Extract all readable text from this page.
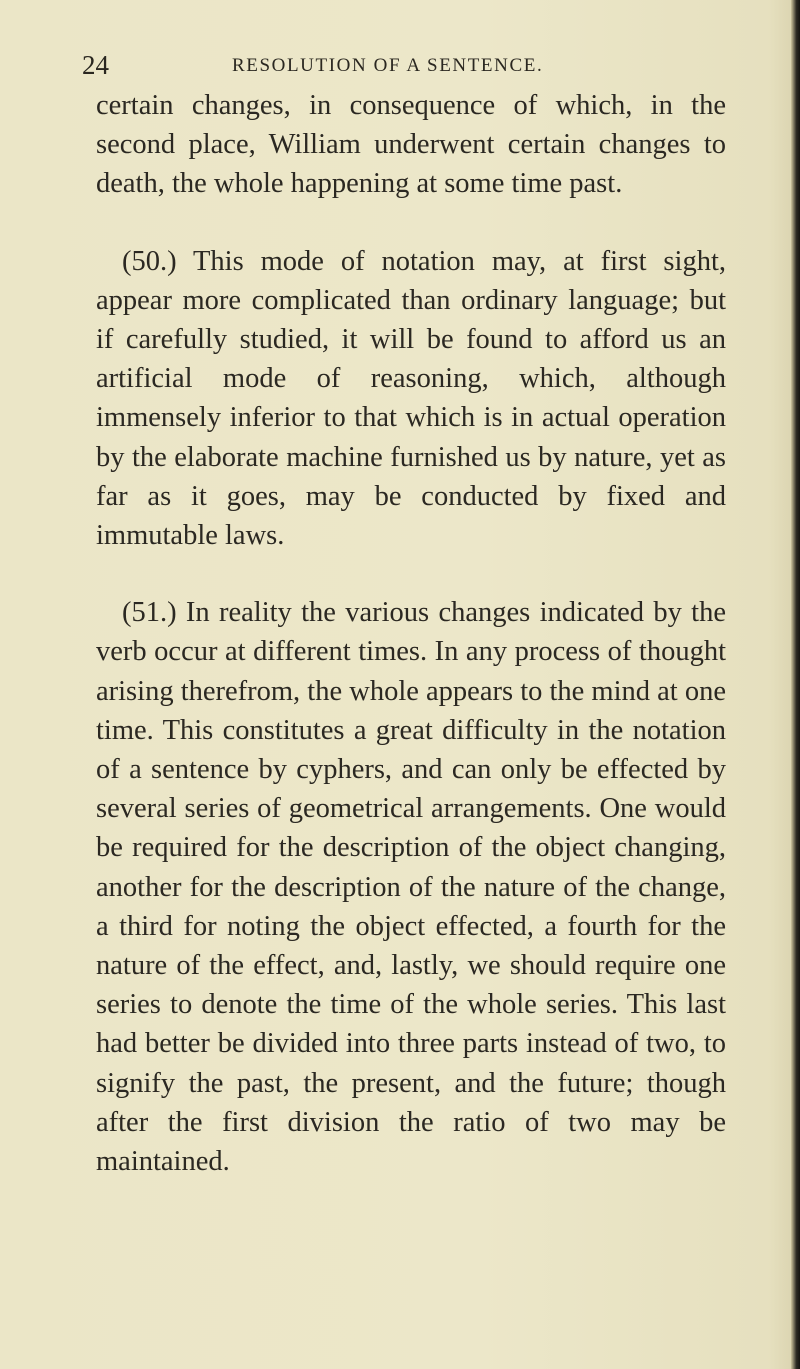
24	RESOLUTION OF A SENTENCE.

certain changes, in consequence of which, in the second place, William underwent certain changes to death, the whole happening at some time past.

(50.) This mode of notation may, at first sight, appear more complicated than ordinary language; but if carefully studied, it will be found to afford us an artificial mode of reasoning, which, although immensely inferior to that which is in actual operation by the elaborate machine furnished us by nature, yet as far as it goes, may be conducted by fixed and immutable laws.

(51.) In reality the various changes indicated by the verb occur at different times. In any process of thought arising therefrom, the whole appears to the mind at one time. This constitutes a great difficulty in the notation of a sentence by cyphers, and can only be effected by several series of geometrical arrangements. One would be required for the description of the object changing, another for the description of the nature of the change, a third for noting the object effected, a fourth for the nature of the effect, and, lastly, we should require one series to denote the time of the whole series. This last had better be divided into three parts instead of two, to signify the past, the present, and the future; though after the first division the ratio of two may be maintained.
